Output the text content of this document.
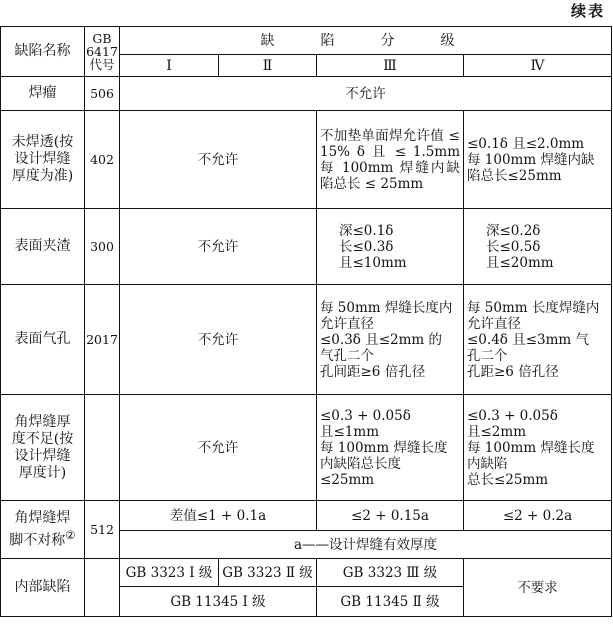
续表
缺陷名称	GB
6417
代号	缺　陷　分　级			
		Ⅰ	Ⅱ	Ⅲ	Ⅳ
焊瘤	506	不允许			
未焊透(按
设计焊缝
厚度为准)	402	不允许		不加垫单面焊允许值 ≤ 15% δ 且 ≤ 1.5mm 每 100mm 焊缝内缺陷总长 ≤ 25mm	≤0.1δ 且≤2.0mm
每 100mm 焊缝内缺
陷总长≤25mm
表面夹渣	300	不允许		深≤0.1δ
长≤0.3δ
且≤10mm	深≤0.2δ
长≤0.5δ
且≤20mm
表面气孔	2017	不允许		每 50mm 焊缝长度内
允许直径
≤0.3δ 且≤2mm 的
气孔二个
孔间距≥6 倍孔径	每 50mm 长度焊缝内
允许直径
≤0.4δ 且≤3mm 气
孔二个
孔距≥6 倍孔径
角焊缝厚
度不足(按
设计焊缝
厚度计)		不允许		≤0.3 + 0.05δ
且≤1mm
每 100mm 焊缝长度
内缺陷总长度
≤25mm	≤0.3 + 0.05δ
且≤2mm
每 100mm 焊缝长度
内缺陷
总长≤25mm
角焊缝焊
脚不对称②	512	差值≤1 + 0.1a		≤2 + 0.15a	≤2 + 0.2a
		a——设计焊缝有效厚度			
内部缺陷		GB 3323 Ⅰ 级	GB 3323 Ⅱ 级	GB 3323 Ⅲ 级	不要求
		GB 11345 Ⅰ 级		GB 11345 Ⅱ 级	
